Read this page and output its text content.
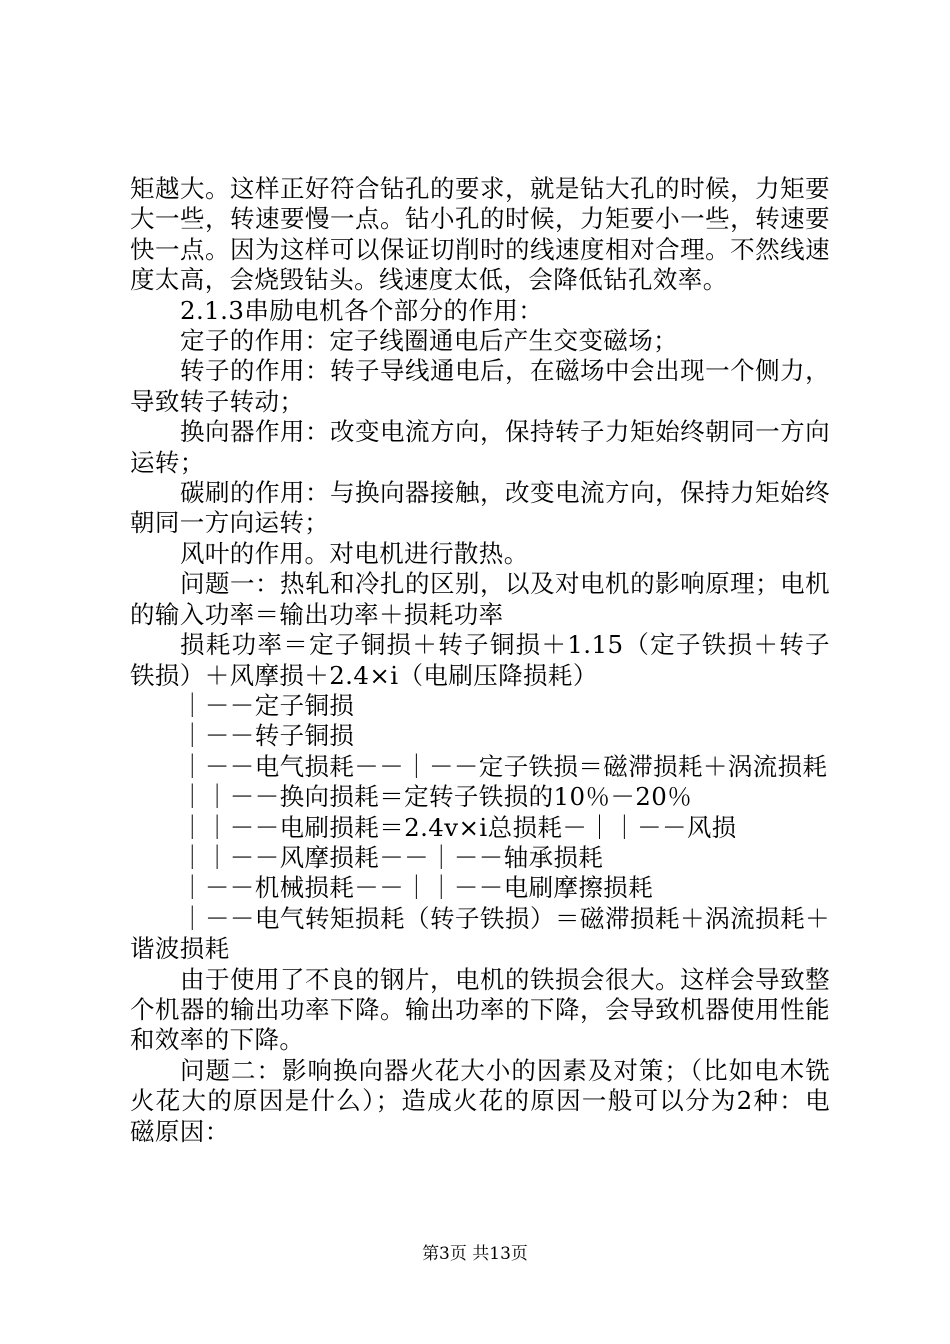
矩越大。这样正好符合钻孔的要求，就是钻大孔的时候，力矩要大一些，转速要慢一点。钻小孔的时候，力矩要小一些，转速要快一点。因为这样可以保证切削时的线速度相对合理。不然线速度太高，会烧毁钻头。线速度太低，会降低钻孔效率。

2.1.3串励电机各个部分的作用：

定子的作用：定子线圈通电后产生交变磁场；

转子的作用：转子导线通电后，在磁场中会出现一个侧力，导致转子转动；

换向器作用：改变电流方向，保持转子力矩始终朝同一方向运转；

碳刷的作用：与换向器接触，改变电流方向，保持力矩始终朝同一方向运转；

风叶的作用。对电机进行散热。

问题一：热轧和冷扎的区别，以及对电机的影响原理；电机的输入功率＝输出功率＋损耗功率

损耗功率＝定子铜损＋转子铜损＋1.15（定子铁损＋转子铁损）＋风摩损＋2.4×i（电刷压降损耗）

｜－－定子铜损

｜－－转子铜损

｜－－电气损耗－－｜－－定子铁损＝磁滞损耗＋涡流损耗

｜｜－－换向损耗＝定转子铁损的10％－20％

｜｜－－电刷损耗＝2.4v×i总损耗－｜｜－－风损

｜｜－－风摩损耗－－｜－－轴承损耗

｜－－机械损耗－－｜｜－－电刷摩擦损耗

｜－－电气转矩损耗（转子铁损）＝磁滞损耗＋涡流损耗＋谐波损耗

由于使用了不良的钢片，电机的铁损会很大。这样会导致整个机器的输出功率下降。输出功率的下降，会导致机器使用性能和效率的下降。

问题二：影响换向器火花大小的因素及对策；（比如电木铣火花大的原因是什么）；造成火花的原因一般可以分为2种：电磁原因：

第3页 共13页
